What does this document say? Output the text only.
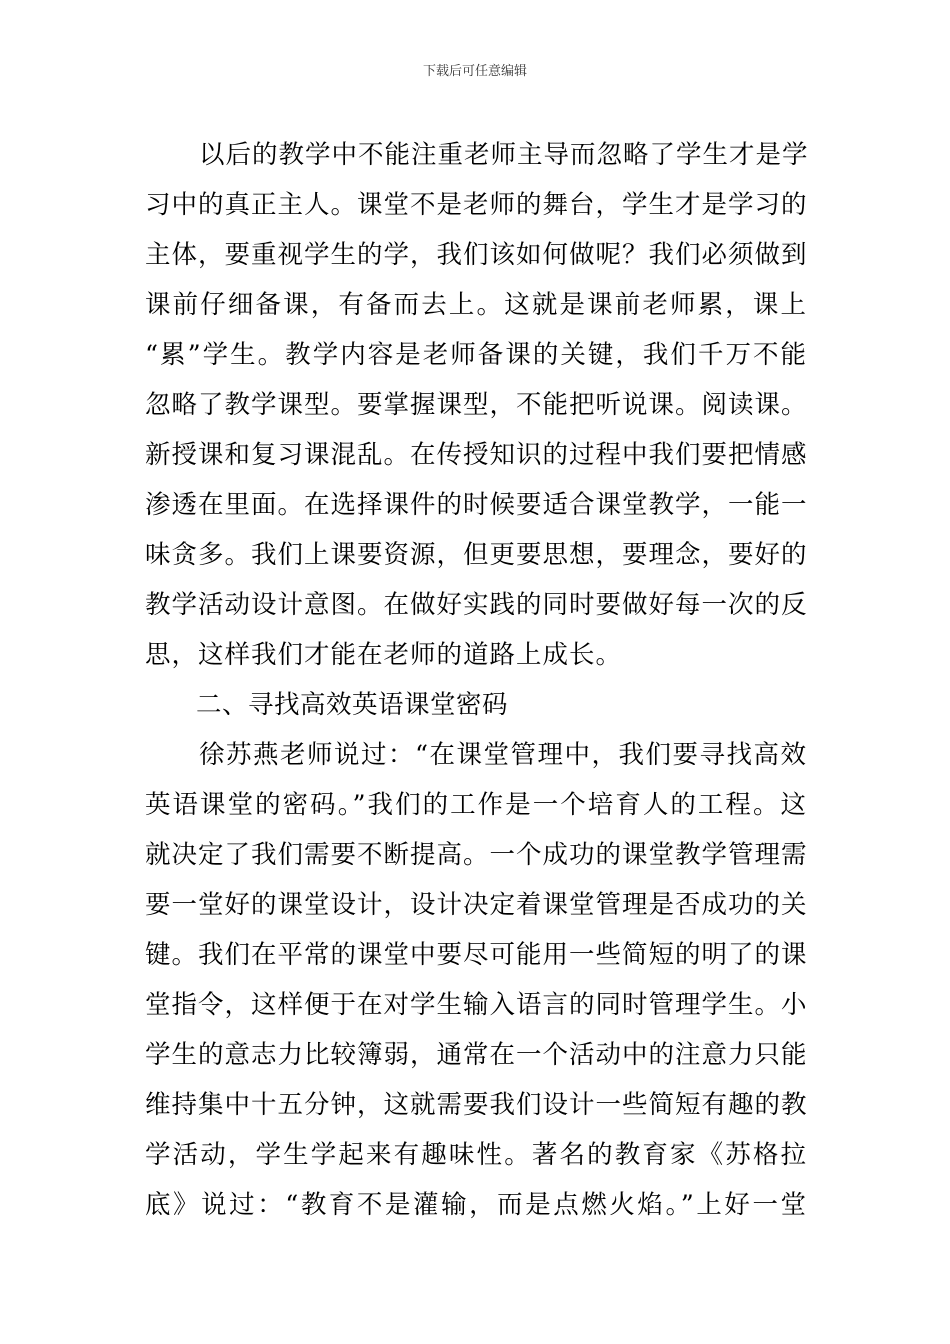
下载后可任意编辑
以后的教学中不能注重老师主导而忽略了学生才是学
习中的真正主人。课堂不是老师的舞台，学生才是学习的
主体，要重视学生的学，我们该如何做呢？我们必须做到
课前仔细备课，有备而去上。这就是课前老师累，课上
“累”学生。教学内容是老师备课的关键，我们千万不能
忽略了教学课型。要掌握课型，不能把听说课。阅读课。
新授课和复习课混乱。在传授知识的过程中我们要把情感
渗透在里面。在选择课件的时候要适合课堂教学，一能一
味贪多。我们上课要资源，但更要思想，要理念，要好的
教学活动设计意图。在做好实践的同时要做好每一次的反
思，这样我们才能在老师的道路上成长。
二、寻找高效英语课堂密码
徐苏燕老师说过：“在课堂管理中，我们要寻找高效
英语课堂的密码。”我们的工作是一个培育人的工程。这
就决定了我们需要不断提高。一个成功的课堂教学管理需
要一堂好的课堂设计，设计决定着课堂管理是否成功的关
键。我们在平常的课堂中要尽可能用一些简短的明了的课
堂指令，这样便于在对学生输入语言的同时管理学生。小
学生的意志力比较簿弱，通常在一个活动中的注意力只能
维持集中十五分钟，这就需要我们设计一些简短有趣的教
学活动，学生学起来有趣味性。著名的教育家《苏格拉
底》说过：“教育不是灌输，而是点燃火焰。”上好一堂
